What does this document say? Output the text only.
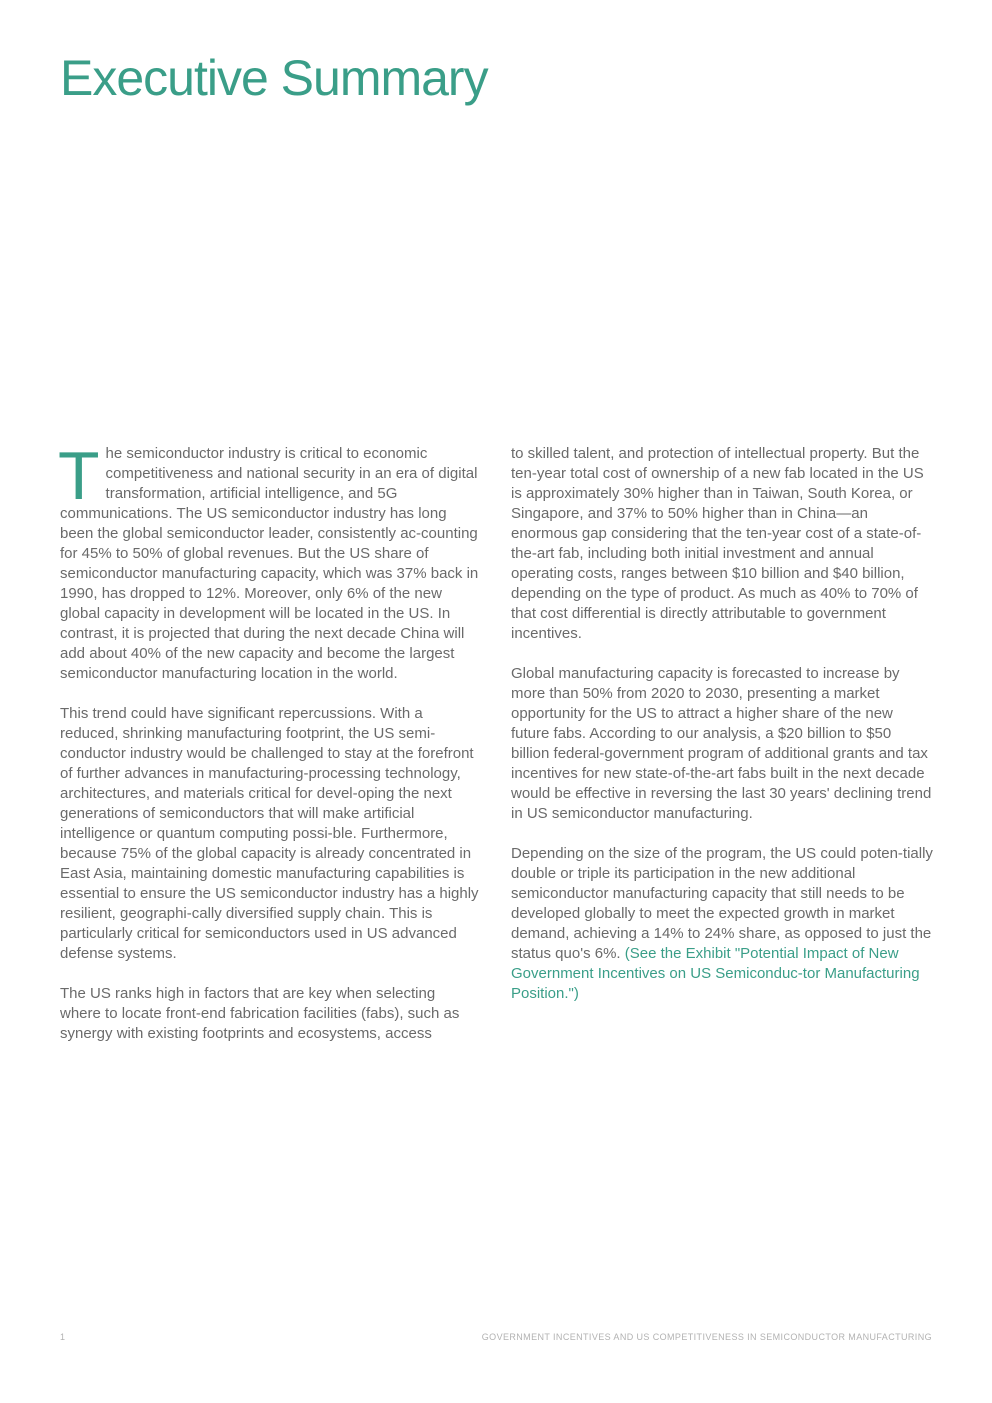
Executive Summary

The semiconductor industry is critical to economic competitiveness and national security in an era of digital transformation, artificial intelligence, and 5G communications. The US semiconductor industry has long been the global semiconductor leader, consistently ac-counting for 45% to 50% of global revenues. But the US share of semiconductor manufacturing capacity, which was 37% back in 1990, has dropped to 12%. Moreover, only 6% of the new global capacity in development will be located in the US. In contrast, it is projected that during the next decade China will add about 40% of the new capacity and become the largest semiconductor manufacturing location in the world.

This trend could have significant repercussions. With a reduced, shrinking manufacturing footprint, the US semi-conductor industry would be challenged to stay at the forefront of further advances in manufacturing-processing technology, architectures, and materials critical for devel-oping the next generations of semiconductors that will make artificial intelligence or quantum computing possi-ble. Furthermore, because 75% of the global capacity is already concentrated in East Asia, maintaining domestic manufacturing capabilities is essential to ensure the US semiconductor industry has a highly resilient, geographi-cally diversified supply chain. This is particularly critical for semiconductors used in US advanced defense systems.

The US ranks high in factors that are key when selecting where to locate front-end fabrication facilities (fabs), such as synergy with existing footprints and ecosystems, access

to skilled talent, and protection of intellectual property. But the ten-year total cost of ownership of a new fab located in the US is approximately 30% higher than in Taiwan, South Korea, or Singapore, and 37% to 50% higher than in China—an enormous gap considering that the ten-year cost of a state-of-the-art fab, including both initial investment and annual operating costs, ranges between $10 billion and $40 billion, depending on the type of product. As much as 40% to 70% of that cost differential is directly attributable to government incentives.

Global manufacturing capacity is forecasted to increase by more than 50% from 2020 to 2030, presenting a market opportunity for the US to attract a higher share of the new future fabs. According to our analysis, a $20 billion to $50 billion federal-government program of additional grants and tax incentives for new state-of-the-art fabs built in the next decade would be effective in reversing the last 30 years' declining trend in US semiconductor manufacturing.

Depending on the size of the program, the US could poten-tially double or triple its participation in the new additional semiconductor manufacturing capacity that still needs to be developed globally to meet the expected growth in market demand, achieving a 14% to 24% share, as opposed to just the status quo's 6%. (See the Exhibit "Potential Impact of New Government Incentives on US Semiconduc-tor Manufacturing Position.")

1	GOVERNMENT INCENTIVES AND US COMPETITIVENESS IN SEMICONDUCTOR MANUFACTURING
